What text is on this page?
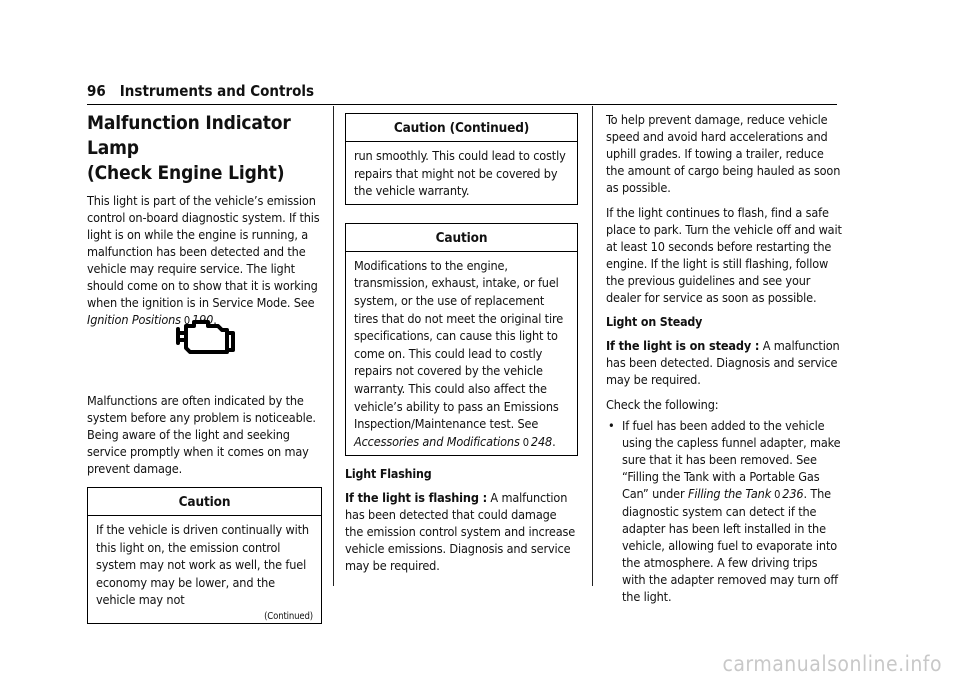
96 Instruments and Controls
Malfunction Indicator Lamp
(Check Engine Light)

This light is part of the vehicle’s emission control on-board diagnostic system. If this light is on while the engine is running, a malfunction has been detected and the vehicle may require service. The light should come on to show that it is working when the ignition is in Service Mode. See Ignition Positions 0 190.

Malfunctions are often indicated by the system before any problem is noticeable. Being aware of the light and seeking service promptly when it comes on may prevent damage.

Caution
If the vehicle is driven continually with this light on, the emission control system may not work as well, the fuel economy may be lower, and the vehicle may not
(Continued)
Caution (Continued)
run smoothly. This could lead to costly repairs that might not be covered by the vehicle warranty.
Caution
Modifications to the engine, transmission, exhaust, intake, or fuel system, or the use of replacement tires that do not meet the original tire specifications, can cause this light to come on. This could lead to costly repairs not covered by the vehicle warranty. This could also affect the vehicle’s ability to pass an Emissions Inspection/Maintenance test. See Accessories and Modifications 0 248.
Light Flashing

If the light is flashing : A malfunction has been detected that could damage the emission control system and increase vehicle emissions. Diagnosis and service may be required.

To help prevent damage, reduce vehicle speed and avoid hard accelerations and uphill grades. If towing a trailer, reduce the amount of cargo being hauled as soon as possible.

If the light continues to flash, find a safe place to park. Turn the vehicle off and wait at least 10 seconds before restarting the engine. If the light is still flashing, follow the previous guidelines and see your dealer for service as soon as possible.

Light on Steady

If the light is on steady : A malfunction has been detected. Diagnosis and service may be required.

Check the following:

• If fuel has been added to the vehicle using the capless funnel adapter, make sure that it has been removed. See “Filling the Tank with a Portable Gas Can” under Filling the Tank 0 236. The diagnostic system can detect if the adapter has been left installed in the vehicle, allowing fuel to evaporate into the atmosphere. A few driving trips with the adapter removed may turn off the light.
carmanualsonline.info
